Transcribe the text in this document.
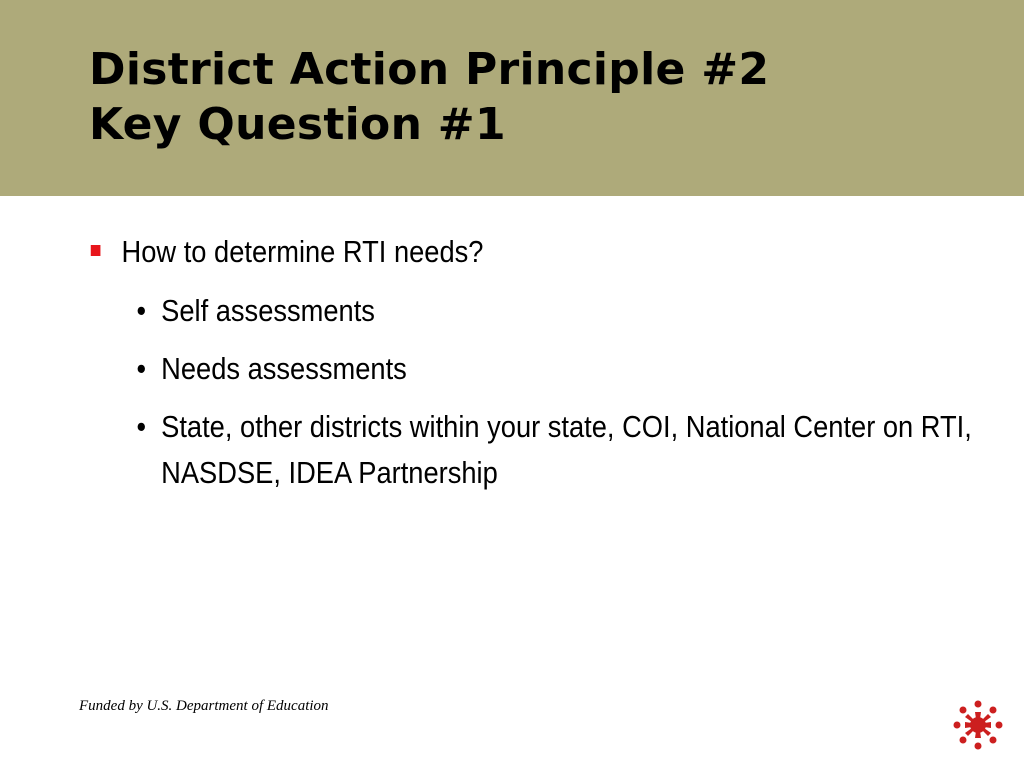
District Action Principle #2
Key Question #1
How to determine RTI needs?
• Self assessments
• Needs assessments
• State, other districts within your state, COI, National Center on RTI, NASDSE, IDEA Partnership
Funded by U.S. Department of Education
